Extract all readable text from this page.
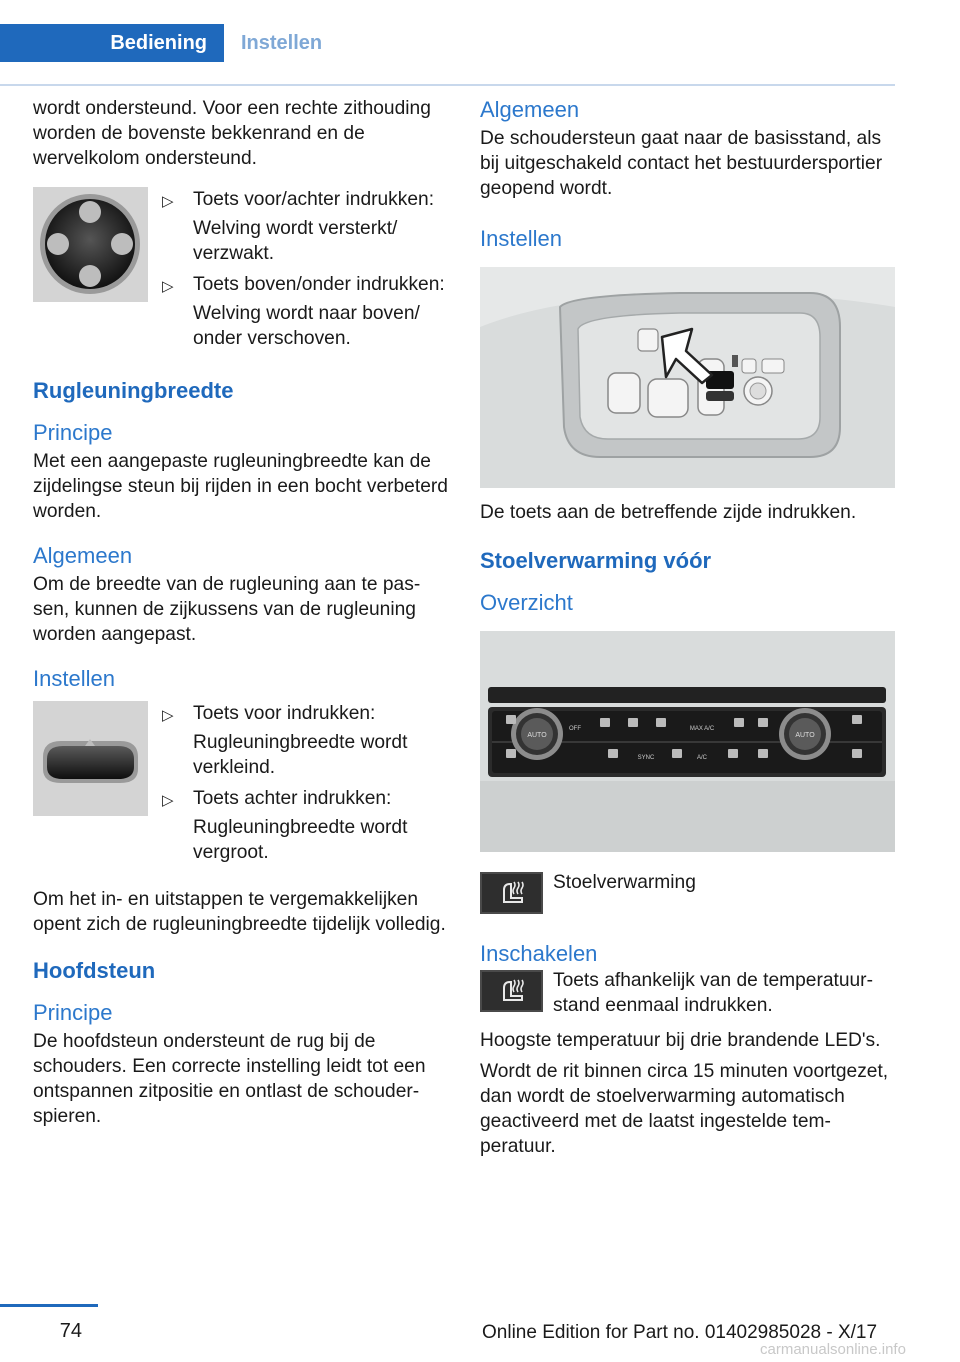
Bediening	Instellen

wordt ondersteund. Voor een rechte zithouding worden de bovenste bekkenrand en de wervelkolom ondersteund.

▷ Toets voor/achter indrukken:
Welving wordt versterkt/ verzwakt.
▷ Toets boven/onder indrukken:
Welving wordt naar boven/ onder verschoven.
Rugleuningbreedte
Principe

Met een aangepaste rugleuningbreedte kan de zijdelingse steun bij rijden in een bocht verbeterd worden.

Algemeen

Om de breedte van de rugleuning aan te passen, kunnen de zijkussens van de rugleuning worden aangepast.

Instellen
▷ Toets voor indrukken:
Rugleuningbreedte wordt verkleind.
▷ Toets achter indrukken:
Rugleuningbreedte wordt vergroot.

Om het in- en uitstappen te vergemakkelijken opent zich de rugleuningbreedte tijdelijk volledig.

Hoofdsteun
Principe

De hoofdsteun ondersteunt de rug bij de schouders. Een correcte instelling leidt tot een ontspannen zitpositie en ontlast de schouderspieren.

Algemeen

De schoudersteun gaat naar de basisstand, als bij uitgeschakeld contact het bestuurdersportier geopend wordt.

Instellen

De toets aan de betreffende zijde indrukken.

Stoelverwarming vóór
Overzicht
AUTO	AUTO
OFF	MAX A/C
SYNC	A/C
Stoelverwarming
Inschakelen
Toets afhankelijk van de temperatuurstand eenmaal indrukken.

Hoogste temperatuur bij drie brandende LED's.

Wordt de rit binnen circa 15 minuten voortgezet, dan wordt de stoelverwarming automatisch geactiveerd met de laatst ingestelde temperatuur.

74	Online Edition for Part no. 01402985028 - X/17
carmanualsonline.info
